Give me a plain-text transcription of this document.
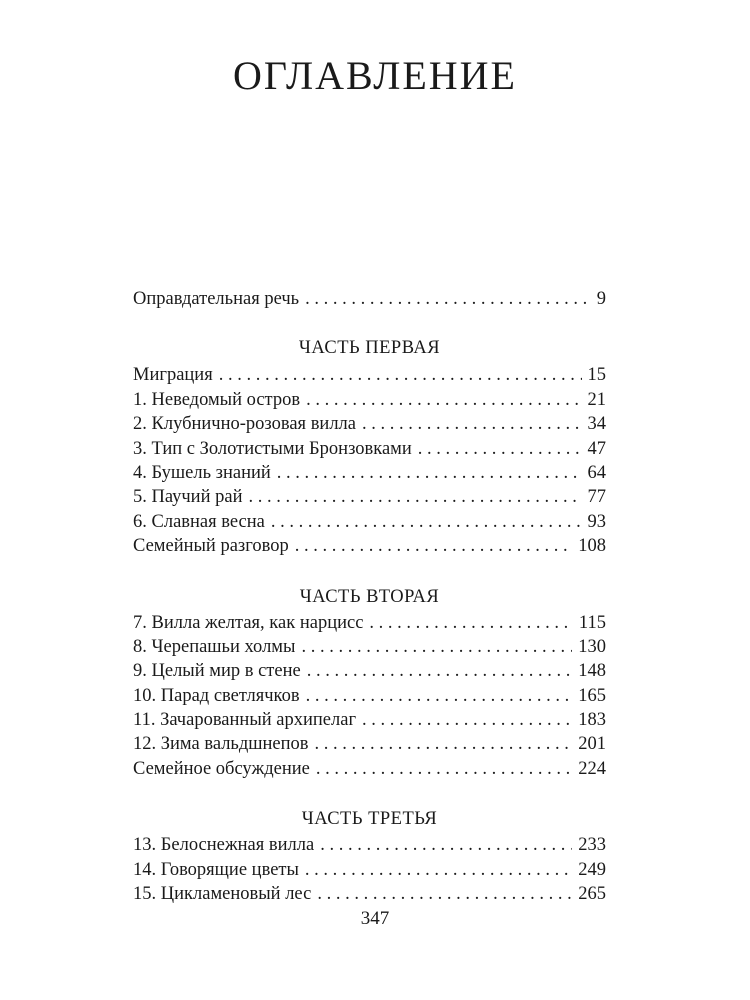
ОГЛАВЛЕНИЕ
Оправдательная речь . . .	9
ЧАСТЬ ПЕРВАЯ
Миграция . . .	15
1. Неведомый остров . . .	21
2. Клубнично-розовая вилла . . .	34
3. Тип с Золотистыми Бронзовками . . .	47
4. Бушель знаний . . .	64
5. Паучий рай . . .	77
6. Славная весна . . .	93
Семейный разговор . . .	108
ЧАСТЬ ВТОРАЯ
7. Вилла желтая, как нарцисс . . .	115
8. Черепашьи холмы . . .	130
9. Целый мир в стене . . .	148
10. Парад светлячков . . .	165
11. Зачарованный архипелаг . . .	183
12. Зима вальдшнепов . . .	201
Семейное обсуждение . . .	224
ЧАСТЬ ТРЕТЬЯ
13. Белоснежная вилла . . .	233
14. Говорящие цветы . . .	249
15. Цикламеновый лес . . .	265
347
